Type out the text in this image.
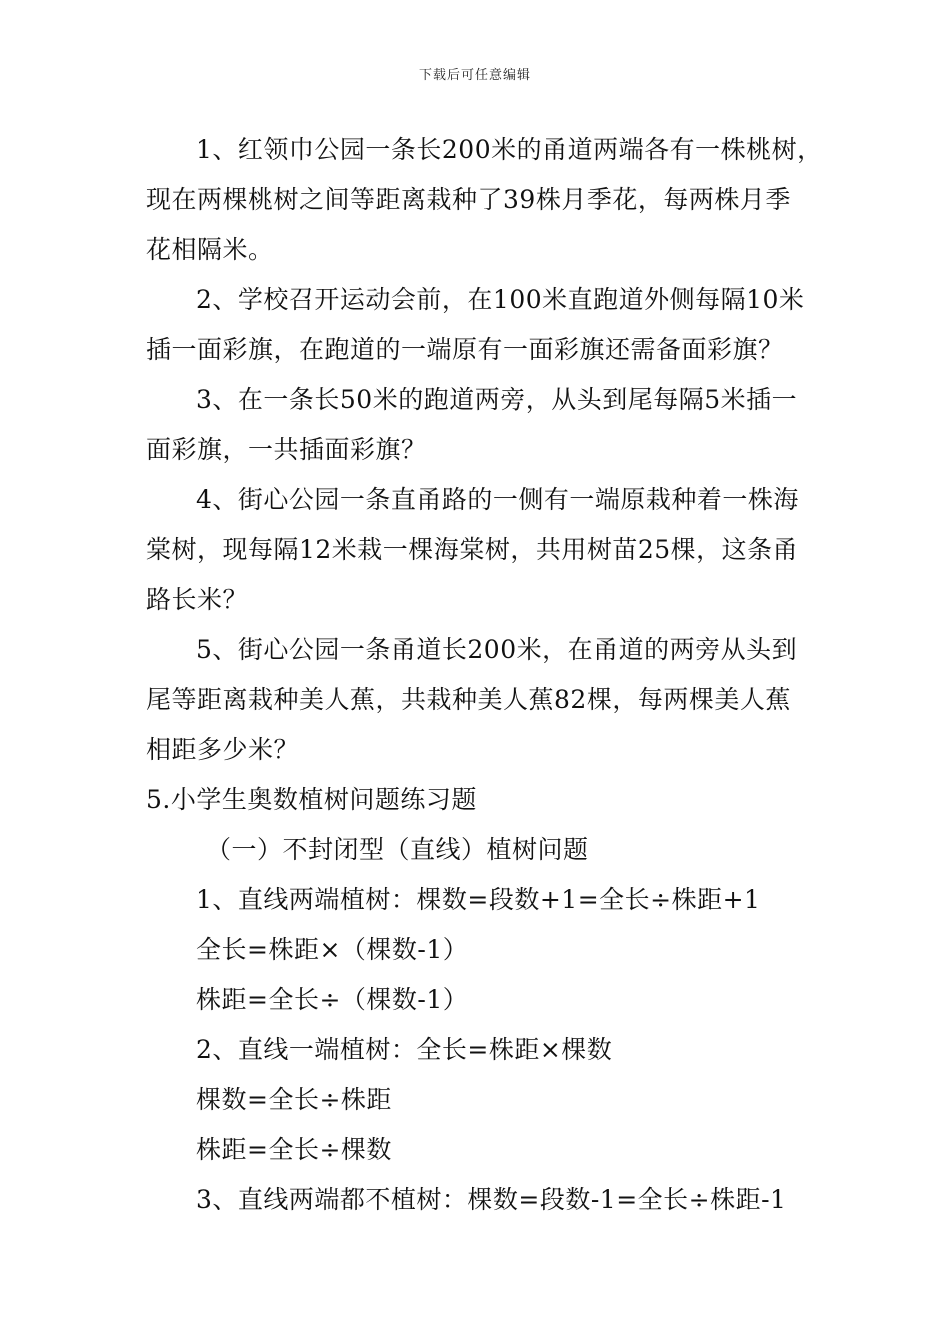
下载后可任意编辑
1、红领巾公园一条长200米的甬道两端各有一株桃树，
现在两棵桃树之间等距离栽种了39株月季花，每两株月季
花相隔米。
2、学校召开运动会前，在100米直跑道外侧每隔10米
插一面彩旗，在跑道的一端原有一面彩旗还需备面彩旗？
3、在一条长50米的跑道两旁，从头到尾每隔5米插一
面彩旗，一共插面彩旗？
4、街心公园一条直甬路的一侧有一端原栽种着一株海
棠树，现每隔12米栽一棵海棠树，共用树苗25棵，这条甬
路长米？
5、街心公园一条甬道长200米，在甬道的两旁从头到
尾等距离栽种美人蕉，共栽种美人蕉82棵，每两棵美人蕉
相距多少米？
5.小学生奥数植树问题练习题
（一）不封闭型（直线）植树问题
1、直线两端植树：棵数=段数+1=全长÷株距+1
全长=株距×（棵数-1）
株距=全长÷（棵数-1）
2、直线一端植树：全长=株距×棵数
棵数=全长÷株距
株距=全长÷棵数
3、直线两端都不植树：棵数=段数-1=全长÷株距-1
